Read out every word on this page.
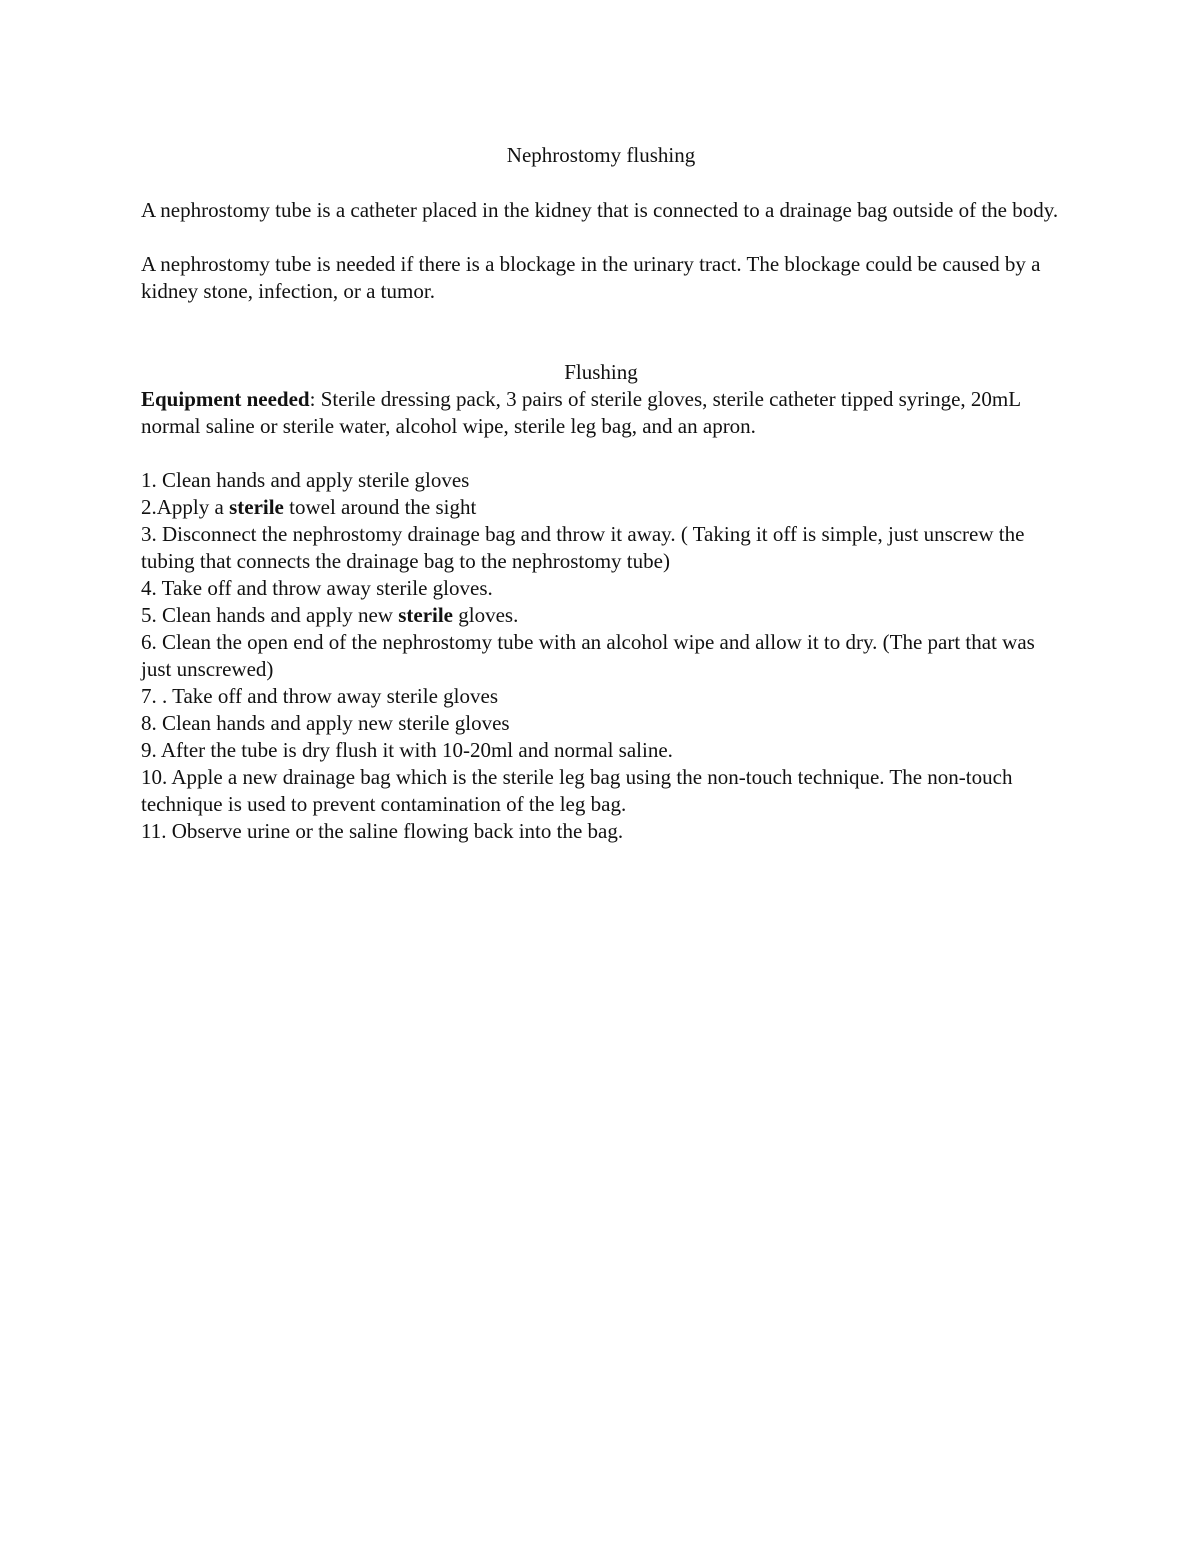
Nephrostomy flushing

A nephrostomy tube is a catheter placed in the kidney that is connected to a drainage bag outside of the body.

A nephrostomy tube is needed if there is a blockage in the urinary tract. The blockage could be caused by a kidney stone, infection, or a tumor.

Flushing

Equipment needed: Sterile dressing pack, 3 pairs of sterile gloves, sterile catheter tipped syringe, 20mL normal saline or sterile water, alcohol wipe, sterile leg bag, and an apron.

1. Clean hands and apply sterile gloves

2.Apply a sterile towel around the sight

3. Disconnect the nephrostomy drainage bag and throw it away. ( Taking it off is simple, just unscrew the tubing that connects the drainage bag to the nephrostomy tube)

4. Take off and throw away sterile gloves.

5. Clean hands and apply new sterile gloves.

6. Clean the open end of the nephrostomy tube with an alcohol wipe and allow it to dry. (The part that was just unscrewed)

7. . Take off and throw away sterile gloves

8. Clean hands and apply new sterile gloves

9. After the tube is dry flush it with 10-20ml and normal saline.

10. Apple a new drainage bag which is the sterile leg bag using the non-touch technique. The non-touch technique is used to prevent contamination of the leg bag.

11. Observe urine or the saline flowing back into the bag.
